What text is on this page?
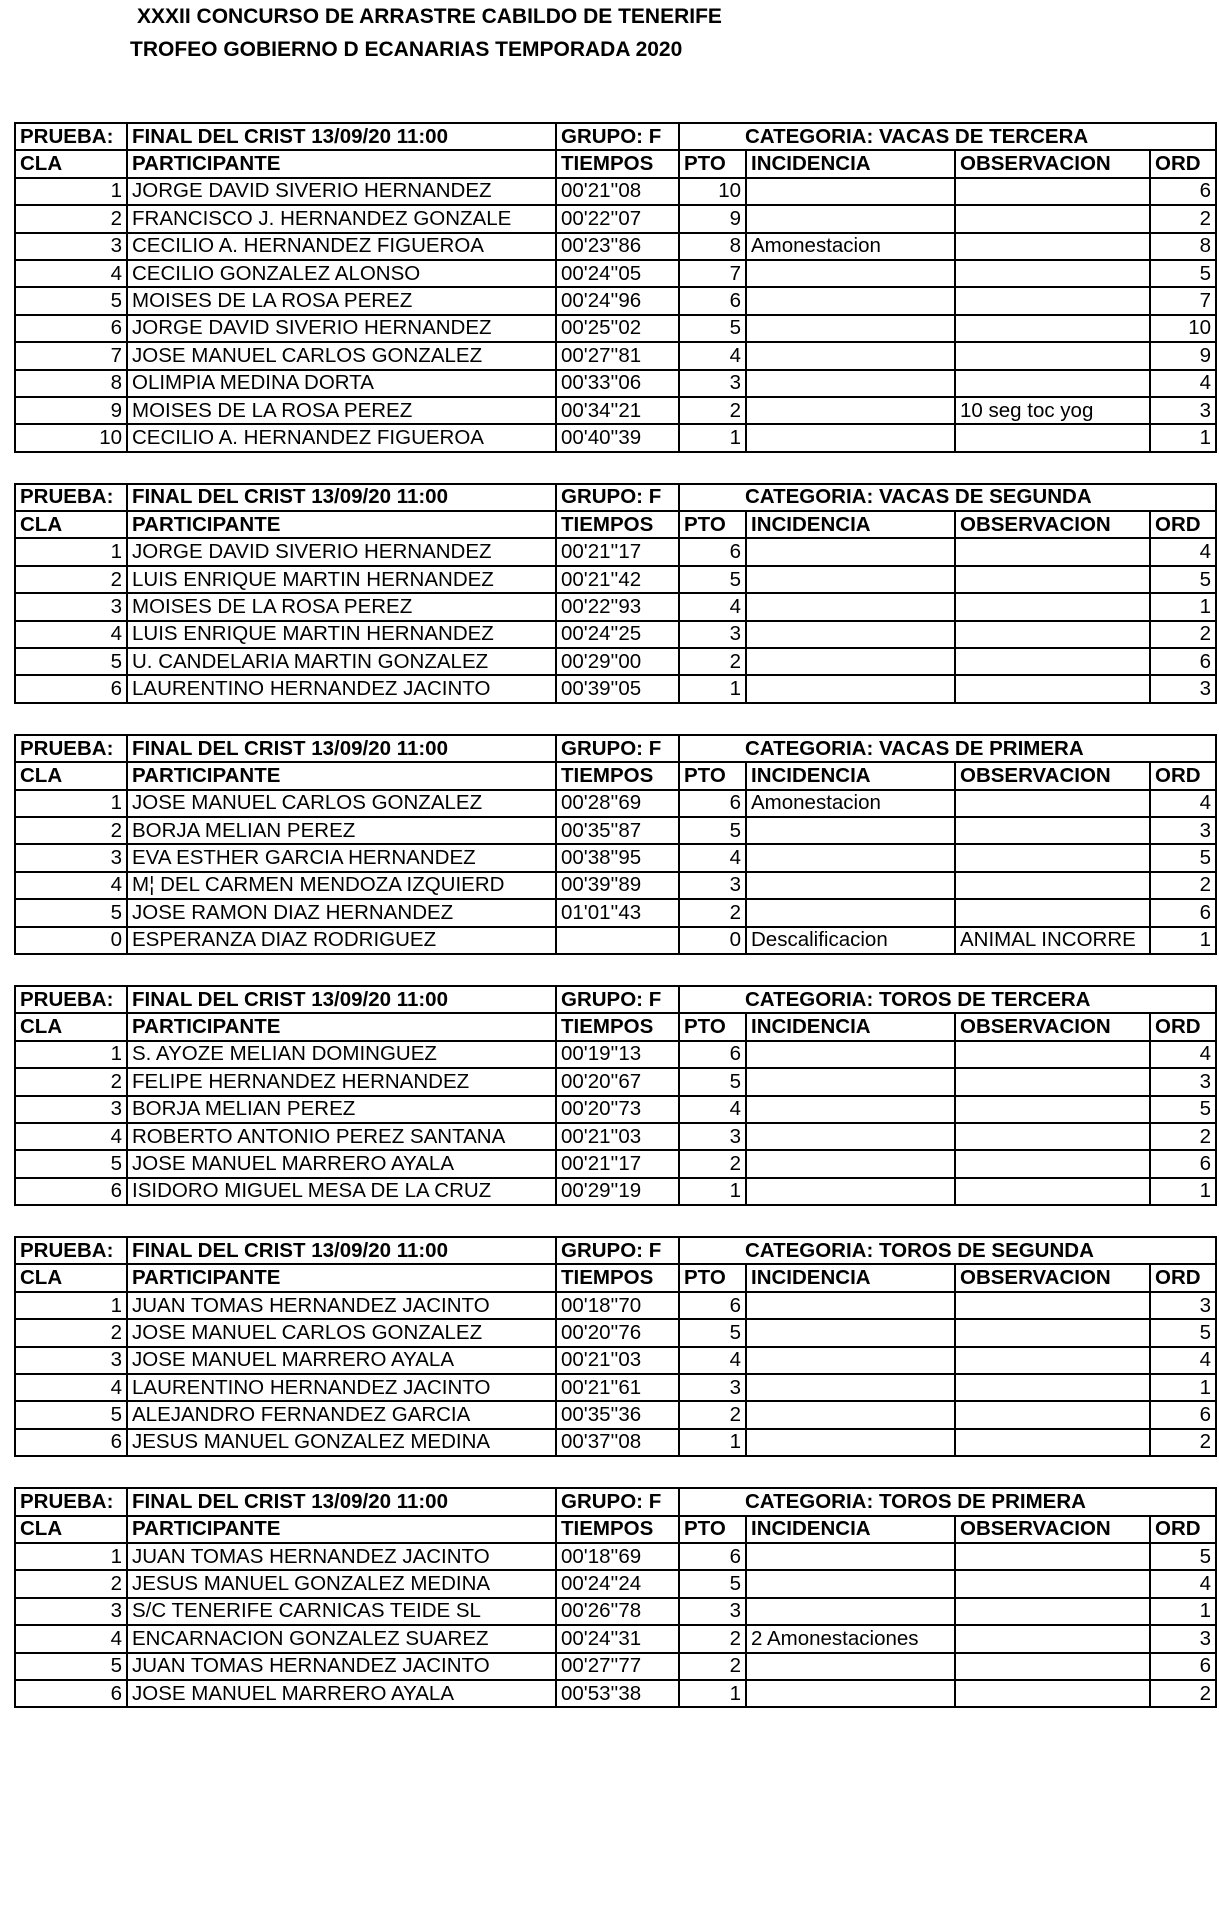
XXXII CONCURSO DE ARRASTRE CABILDO DE TENERIFE
TROFEO GOBIERNO D ECANARIAS TEMPORADA 2020
PRUEBA:	FINAL DEL CRIST 13/09/20 11:00	GRUPO: F	CATEGORIA: VACAS DE TERCERA			
CLA	PARTICIPANTE	TIEMPOS	PTO	INCIDENCIA	OBSERVACION	ORD
1	JORGE DAVID SIVERIO HERNANDEZ	00'21''08	10			6
2	FRANCISCO J. HERNANDEZ GONZALE	00'22''07	9			2
3	CECILIO A. HERNANDEZ FIGUEROA	00'23''86	8	Amonestacion		8
4	CECILIO GONZALEZ ALONSO	00'24''05	7			5
5	MOISES DE LA ROSA PEREZ	00'24''96	6			7
6	JORGE DAVID SIVERIO HERNANDEZ	00'25''02	5			10
7	JOSE MANUEL CARLOS GONZALEZ	00'27''81	4			9
8	OLIMPIA MEDINA DORTA	00'33''06	3			4
9	MOISES DE LA ROSA PEREZ	00'34''21	2		10 seg toc yog	3
10	CECILIO A. HERNANDEZ FIGUEROA	00'40''39	1			1
PRUEBA:	FINAL DEL CRIST 13/09/20 11:00	GRUPO: F	CATEGORIA: VACAS DE SEGUNDA			
CLA	PARTICIPANTE	TIEMPOS	PTO	INCIDENCIA	OBSERVACION	ORD
1	JORGE DAVID SIVERIO HERNANDEZ	00'21''17	6			4
2	LUIS ENRIQUE MARTIN HERNANDEZ	00'21''42	5			5
3	MOISES DE LA ROSA PEREZ	00'22''93	4			1
4	LUIS ENRIQUE MARTIN HERNANDEZ	00'24''25	3			2
5	U. CANDELARIA MARTIN GONZALEZ	00'29''00	2			6
6	LAURENTINO HERNANDEZ JACINTO	00'39''05	1			3
PRUEBA:	FINAL DEL CRIST 13/09/20 11:00	GRUPO: F	CATEGORIA: VACAS DE PRIMERA			
CLA	PARTICIPANTE	TIEMPOS	PTO	INCIDENCIA	OBSERVACION	ORD
1	JOSE MANUEL CARLOS GONZALEZ	00'28''69	6	Amonestacion		4
2	BORJA MELIAN PEREZ	00'35''87	5			3
3	EVA ESTHER GARCIA HERNANDEZ	00'38''95	4			5
4	M¦ DEL CARMEN MENDOZA IZQUIERD	00'39''89	3			2
5	JOSE RAMON DIAZ HERNANDEZ	01'01''43	2			6
0	ESPERANZA DIAZ RODRIGUEZ		0	Descalificacion	ANIMAL INCORRE	1
PRUEBA:	FINAL DEL CRIST 13/09/20 11:00	GRUPO: F	CATEGORIA: TOROS DE TERCERA			
CLA	PARTICIPANTE	TIEMPOS	PTO	INCIDENCIA	OBSERVACION	ORD
1	S. AYOZE MELIAN DOMINGUEZ	00'19''13	6			4
2	FELIPE HERNANDEZ HERNANDEZ	00'20''67	5			3
3	BORJA MELIAN PEREZ	00'20''73	4			5
4	ROBERTO ANTONIO PEREZ SANTANA	00'21''03	3			2
5	JOSE MANUEL MARRERO AYALA	00'21''17	2			6
6	ISIDORO MIGUEL MESA DE LA CRUZ	00'29''19	1			1
PRUEBA:	FINAL DEL CRIST 13/09/20 11:00	GRUPO: F	CATEGORIA: TOROS DE SEGUNDA			
CLA	PARTICIPANTE	TIEMPOS	PTO	INCIDENCIA	OBSERVACION	ORD
1	JUAN TOMAS HERNANDEZ JACINTO	00'18''70	6			3
2	JOSE MANUEL CARLOS GONZALEZ	00'20''76	5			5
3	JOSE MANUEL MARRERO AYALA	00'21''03	4			4
4	LAURENTINO HERNANDEZ JACINTO	00'21''61	3			1
5	ALEJANDRO FERNANDEZ GARCIA	00'35''36	2			6
6	JESUS MANUEL GONZALEZ MEDINA	00'37''08	1			2
PRUEBA:	FINAL DEL CRIST 13/09/20 11:00	GRUPO: F	CATEGORIA: TOROS DE PRIMERA			
CLA	PARTICIPANTE	TIEMPOS	PTO	INCIDENCIA	OBSERVACION	ORD
1	JUAN TOMAS HERNANDEZ JACINTO	00'18''69	6			5
2	JESUS MANUEL GONZALEZ MEDINA	00'24''24	5			4
3	S/C TENERIFE CARNICAS TEIDE SL	00'26''78	3			1
4	ENCARNACION GONZALEZ SUAREZ	00'24''31	2	2 Amonestaciones		3
5	JUAN TOMAS HERNANDEZ JACINTO	00'27''77	2			6
6	JOSE MANUEL MARRERO AYALA	00'53''38	1			2
